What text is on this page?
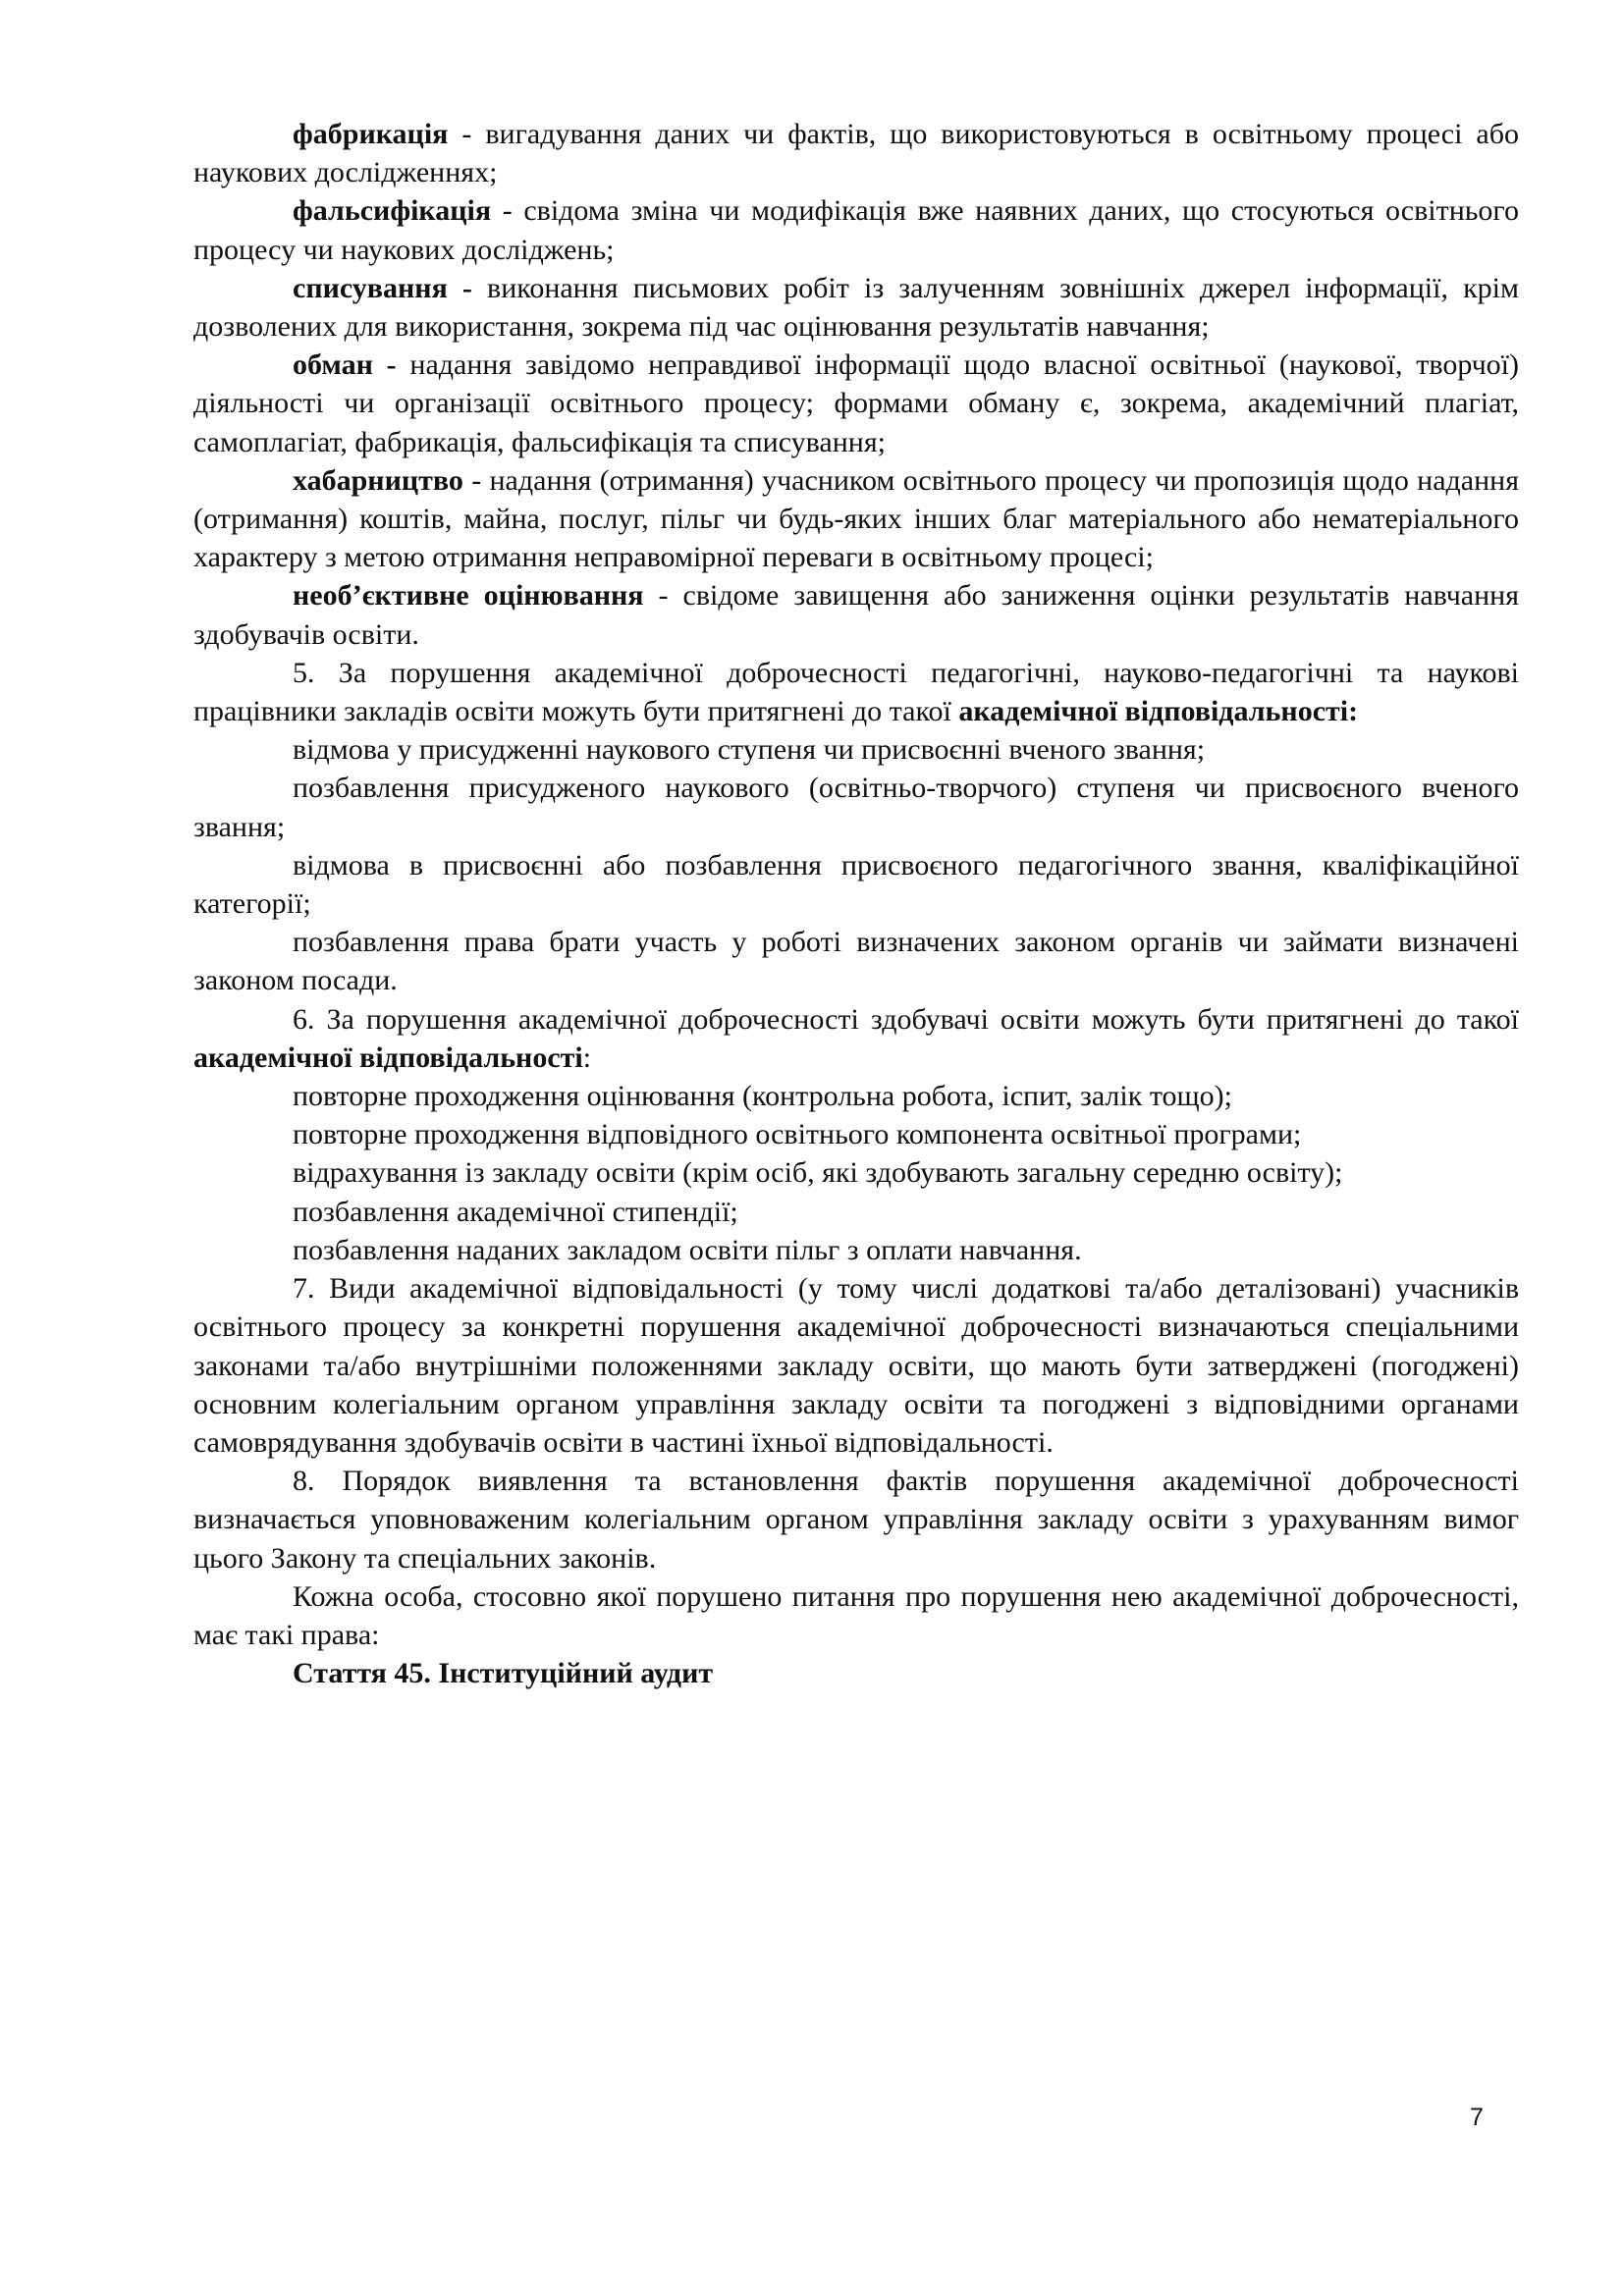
фабрикація - вигадування даних чи фактів, що використовуються в освітньому процесі або наукових дослідженнях;

фальсифікація - свідома зміна чи модифікація вже наявних даних, що стосуються освітнього процесу чи наукових досліджень;

списування - виконання письмових робіт із залученням зовнішніх джерел інформації, крім дозволених для використання, зокрема під час оцінювання результатів навчання;

обман - надання завідомо неправдивої інформації щодо власної освітньої (наукової, творчої) діяльності чи організації освітнього процесу; формами обману є, зокрема, академічний плагіат, самоплагіат, фабрикація, фальсифікація та списування;

хабарництво - надання (отримання) учасником освітнього процесу чи пропозиція щодо надання (отримання) коштів, майна, послуг, пільг чи будь-яких інших благ матеріального або нематеріального характеру з метою отримання неправомірної переваги в освітньому процесі;

необ’єктивне оцінювання - свідоме завищення або заниження оцінки результатів навчання здобувачів освіти.

5. За порушення академічної доброчесності педагогічні, науково-педагогічні та наукові працівники закладів освіти можуть бути притягнені до такої академічної відповідальності:

відмова у присудженні наукового ступеня чи присвоєнні вченого звання;

позбавлення присудженого наукового (освітньо-творчого) ступеня чи присвоєного вченого звання;

відмова в присвоєнні або позбавлення присвоєного педагогічного звання, кваліфікаційної категорії;

позбавлення права брати участь у роботі визначених законом органів чи займати визначені законом посади.

6. За порушення академічної доброчесності здобувачі освіти можуть бути притягнені до такої академічної відповідальності:

повторне проходження оцінювання (контрольна робота, іспит, залік тощо);

повторне проходження відповідного освітнього компонента освітньої програми;

відрахування із закладу освіти (крім осіб, які здобувають загальну середню освіту);

позбавлення академічної стипендії;

позбавлення наданих закладом освіти пільг з оплати навчання.

7. Види академічної відповідальності (у тому числі додаткові та/або деталізовані) учасників освітнього процесу за конкретні порушення академічної доброчесності визначаються спеціальними законами та/або внутрішніми положеннями закладу освіти, що мають бути затверджені (погоджені) основним колегіальним органом управління закладу освіти та погоджені з відповідними органами самоврядування здобувачів освіти в частині їхньої відповідальності.

8. Порядок виявлення та встановлення фактів порушення академічної доброчесності визначається уповноваженим колегіальним органом управління закладу освіти з урахуванням вимог цього Закону та спеціальних законів.

Кожна особа, стосовно якої порушено питання про порушення нею академічної доброчесності, має такі права:

Стаття 45. Інституційний аудит

7
